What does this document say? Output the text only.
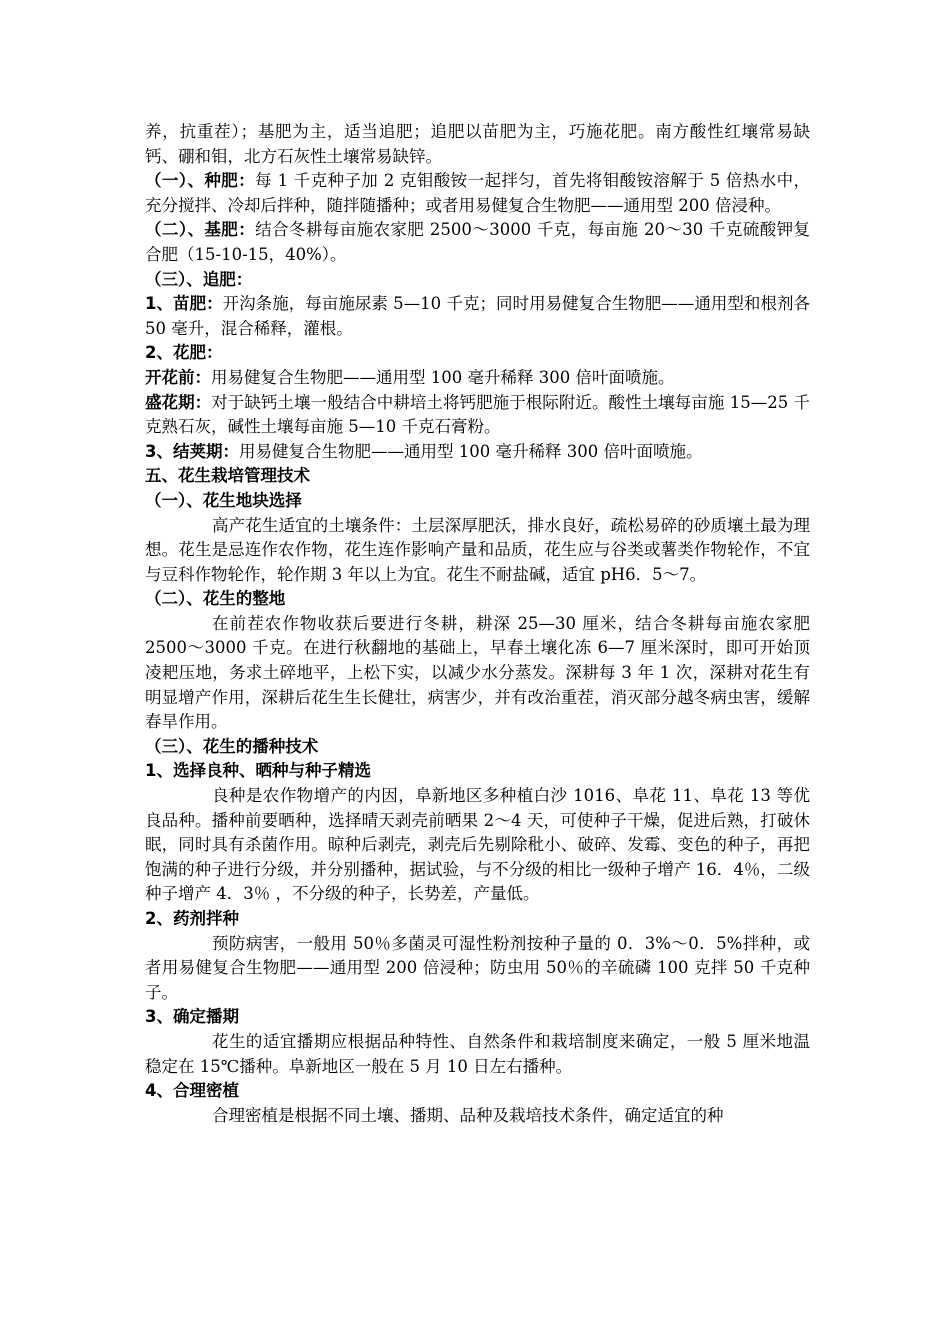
养，抗重茬）；基肥为主，适当追肥；追肥以苗肥为主，巧施花肥。南方酸性红壤常易缺钙、硼和钼，北方石灰性土壤常易缺锌。

（一）、种肥：每 1 千克种子加 2 克钼酸铵一起拌匀，首先将钼酸铵溶解于 5 倍热水中，充分搅拌、冷却后拌种，随拌随播种；或者用易健复合生物肥——通用型 200 倍浸种。

（二）、基肥：结合冬耕每亩施农家肥 2500～3000 千克，每亩施 20～30 千克硫酸钾复合肥（15-10-15，40%）。

（三）、追肥：

1、苗肥：开沟条施，每亩施尿素 5—10 千克；同时用易健复合生物肥——通用型和根剂各 50 毫升，混合稀释，灌根。

2、花肥：

开花前：用易健复合生物肥——通用型 100 毫升稀释 300 倍叶面喷施。

盛花期：对于缺钙土壤一般结合中耕培土将钙肥施于根际附近。酸性土壤每亩施 15—25 千克熟石灰，碱性土壤每亩施 5—10 千克石膏粉。

3、结荚期：用易健复合生物肥——通用型 100 毫升稀释 300 倍叶面喷施。

五、花生栽培管理技术

（一）、花生地块选择

高产花生适宜的土壤条件：土层深厚肥沃，排水良好，疏松易碎的砂质壤土最为理想。花生是忌连作农作物，花生连作影响产量和品质，花生应与谷类或薯类作物轮作，不宜与豆科作物轮作，轮作期 3 年以上为宜。花生不耐盐碱，适宜 pH6．5～7。

（二）、花生的整地

在前茬农作物收获后要进行冬耕，耕深 25—30 厘米，结合冬耕每亩施农家肥 2500～3000 千克。在进行秋翻地的基础上，早春土壤化冻 6—7 厘米深时，即可开始顶凌耙压地，务求土碎地平，上松下实，以减少水分蒸发。深耕每 3 年 1 次，深耕对花生有明显增产作用，深耕后花生生长健壮，病害少，并有改治重茬，消灭部分越冬病虫害，缓解春旱作用。

（三）、花生的播种技术

1、选择良种、晒种与种子精选

良种是农作物增产的内因，阜新地区多种植白沙 1016、阜花 11、阜花 13 等优良品种。播种前要晒种，选择晴天剥壳前晒果 2～4 天，可使种子干燥，促进后熟，打破休眠，同时具有杀菌作用。晾种后剥壳，剥壳后先剔除秕小、破碎、发霉、变色的种子，再把饱满的种子进行分级，并分别播种，据试验，与不分级的相比一级种子增产 16．4％，二级种子增产 4．3％ ，不分级的种子，长势差，产量低。

2、药剂拌种

预防病害，一般用 50％多菌灵可湿性粉剂按种子量的 0．3%～0．5%拌种，或者用易健复合生物肥——通用型 200 倍浸种；防虫用 50％的辛硫磷 100 克拌 50 千克种子。

3、确定播期

花生的适宜播期应根据品种特性、自然条件和栽培制度来确定，一般 5 厘米地温稳定在 15℃播种。阜新地区一般在 5 月 10 日左右播种。

4、合理密植

合理密植是根据不同土壤、播期、品种及栽培技术条件，确定适宜的种
